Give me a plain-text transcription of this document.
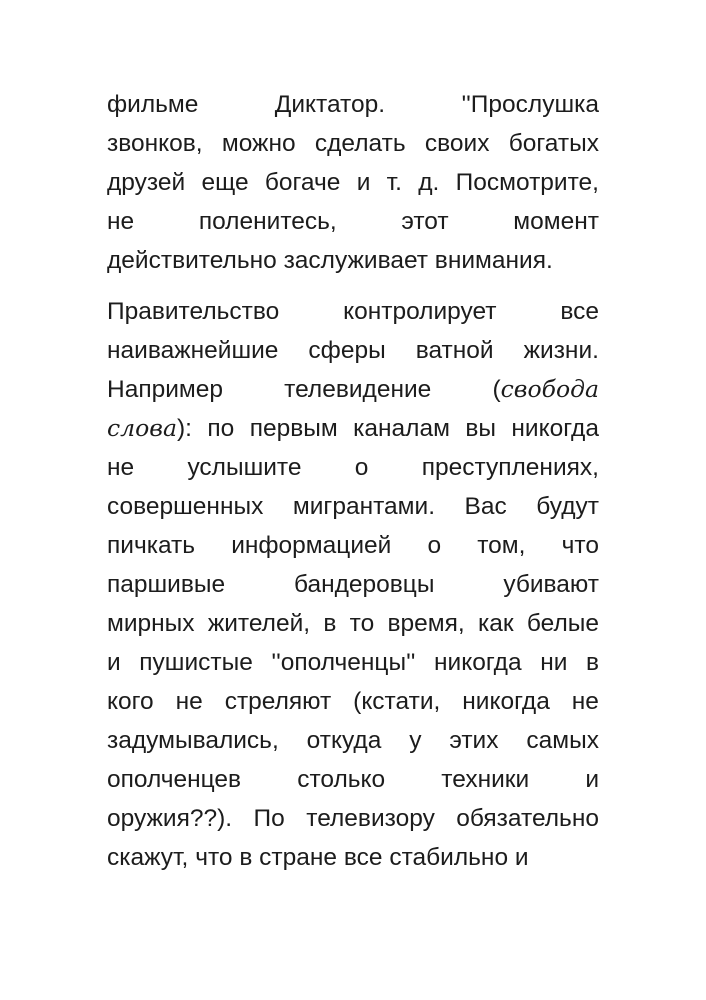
фильме	Диктатор.	''Прослушка
звонков, можно сделать своих богатых
друзей еще богаче и т. д. Посмотрите,
не	поленитесь,	этот	момент
действительно
заслуживает
внимания.
Правительство	контролирует	все
наиважнейшие сферы ватной жизни.
Например телевидение (свобода
слова): по первым каналам вы никогда
не услышите о преступлениях,
совершенных мигрантами. Вас будут
пичкать информацией о том, что
паршивые	бандеровцы	убивают
мирных жителей, в то время, как белые
и пушистые ''ополченцы'' никогда ни в
кого не стреляют (кстати, никогда не
задумывались, откуда у этих самых
ополченцев столько техники и
оружия??). По телевизору обязательно
скажут,
что
в
стране
все
стабильно
и
